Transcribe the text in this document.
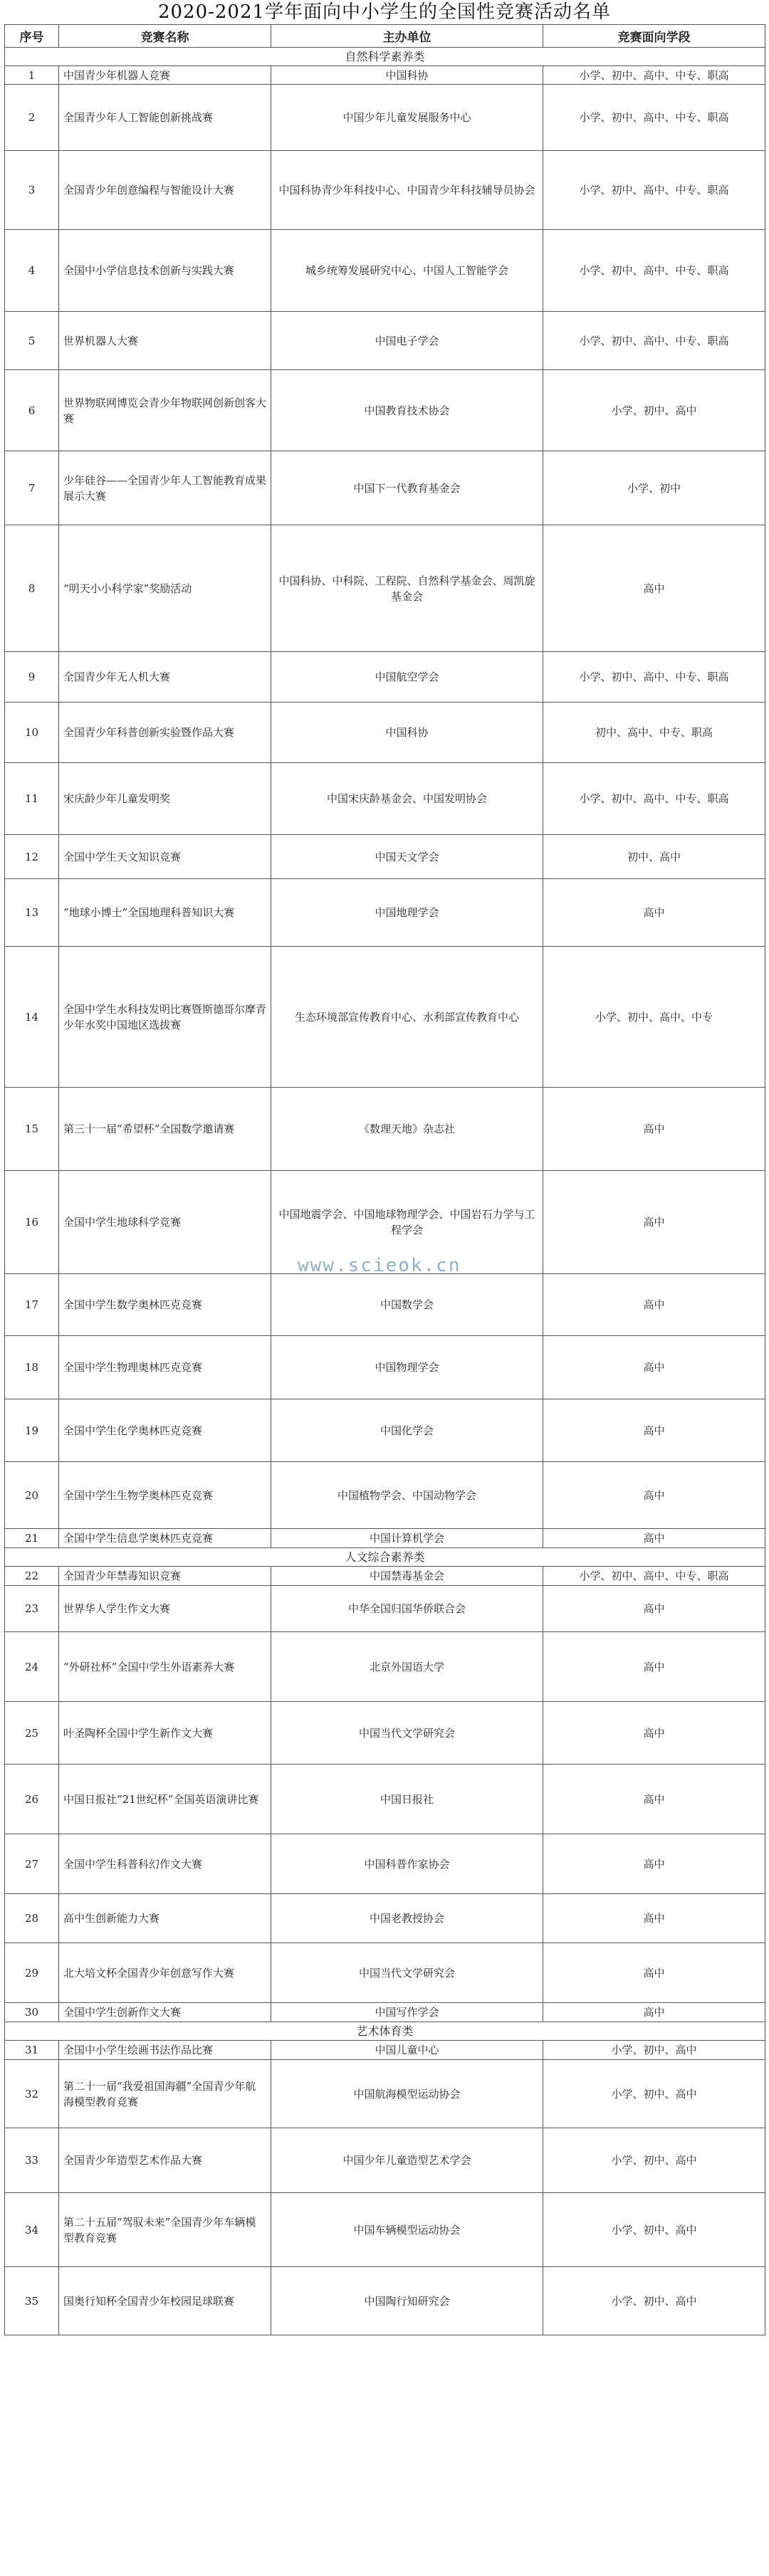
2020-2021学年面向中小学生的全国性竞赛活动名单
序号	竞赛名称	主办单位	竞赛面向学段
自然科学素养类			
1	中国青少年机器人竞赛	中国科协	小学、初中、高中、中专、职高
2	全国青少年人工智能创新挑战赛	中国少年儿童发展服务中心	小学、初中、高中、中专、职高
3	全国青少年创意编程与智能设计大赛	中国科协青少年科技中心、中国青少年科技辅导员协会	小学、初中、高中、中专、职高
4	全国中小学信息技术创新与实践大赛	城乡统筹发展研究中心、中国人工智能学会	小学、初中、高中、中专、职高
5	世界机器人大赛	中国电子学会	小学、初中、高中、中专、职高
6	世界物联网博览会青少年物联网创新创客大赛	中国教育技术协会	小学、初中、高中
7	少年硅谷——全国青少年人工智能教育成果展示大赛	中国下一代教育基金会	小学、初中
8	“明天小小科学家”奖励活动	中国科协、中科院、工程院、自然科学基金会、周凯旋基金会	高中
9	全国青少年无人机大赛	中国航空学会	小学、初中、高中、中专、职高
10	全国青少年科普创新实验暨作品大赛	中国科协	初中、高中、中专、职高
11	宋庆龄少年儿童发明奖	中国宋庆龄基金会、中国发明协会	小学、初中、高中、中专、职高
12	全国中学生天文知识竞赛	中国天文学会	初中、高中
13	“地球小博士”全国地理科普知识大赛	中国地理学会	高中
14	全国中学生水科技发明比赛暨斯德哥尔摩青少年水奖中国地区选拔赛	生态环境部宣传教育中心、水利部宣传教育中心	小学、初中、高中、中专
15	第三十一届“希望杯”全国数学邀请赛	《数理天地》杂志社	高中
16	全国中学生地球科学竞赛	中国地震学会、中国地球物理学会、中国岩石力学与工程学会	高中
17	全国中学生数学奥林匹克竞赛	中国数学会	高中
18	全国中学生物理奥林匹克竞赛	中国物理学会	高中
19	全国中学生化学奥林匹克竞赛	中国化学会	高中
20	全国中学生生物学奥林匹克竞赛	中国植物学会、中国动物学会	高中
21	全国中学生信息学奥林匹克竞赛	中国计算机学会	高中
人文综合素养类			
22	全国青少年禁毒知识竞赛	中国禁毒基金会	小学、初中、高中、中专、职高
23	世界华人学生作文大赛	中华全国归国华侨联合会	高中
24	“外研社杯”全国中学生外语素养大赛	北京外国语大学	高中
25	叶圣陶杯全国中学生新作文大赛	中国当代文学研究会	高中
26	中国日报社“21世纪杯”全国英语演讲比赛	中国日报社	高中
27	全国中学生科普科幻作文大赛	中国科普作家协会	高中
28	高中生创新能力大赛	中国老教授协会	高中
29	北大培文杯全国青少年创意写作大赛	中国当代文学研究会	高中
30	全国中学生创新作文大赛	中国写作学会	高中
艺术体育类			
31	全国中小学生绘画书法作品比赛	中国儿童中心	小学、初中、高中
32	第二十一届“我爱祖国海疆”全国青少年航海模型教育竞赛	中国航海模型运动协会	小学、初中、高中
33	全国青少年造型艺术作品大赛	中国少年儿童造型艺术学会	小学、初中、高中
34	第二十五届“驾驭未来”全国青少年车辆模型教育竞赛	中国车辆模型运动协会	小学、初中、高中
35	国奥行知杯全国青少年校园足球联赛	中国陶行知研究会	小学、初中、高中
www.scieok.cn
